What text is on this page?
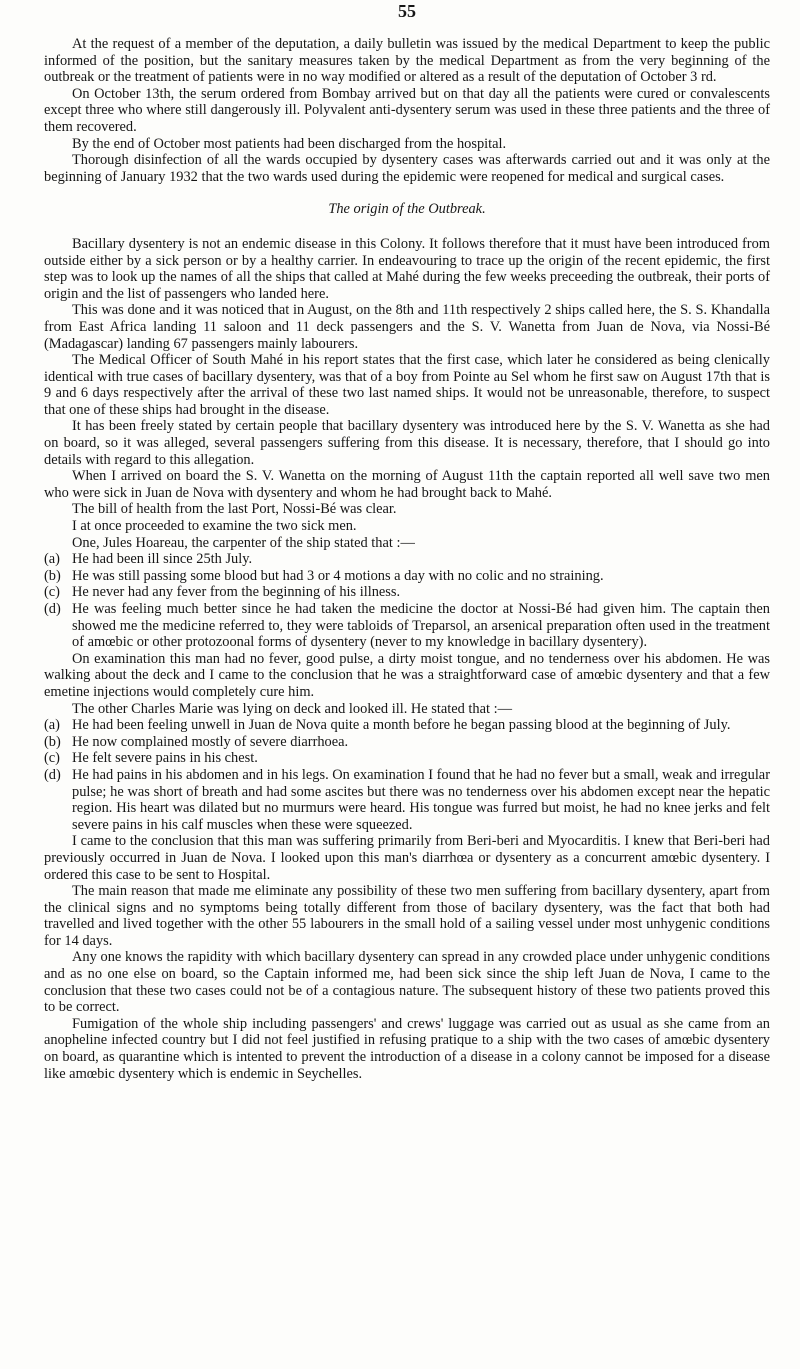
55

At the request of a member of the deputation, a daily bulletin was issued by the medical Department to keep the public informed of the position, but the sanitary measures taken by the medical Department as from the very beginning of the outbreak or the treatment of patients were in no way modified or altered as a result of the deputation of October 3 rd.

On October 13th, the serum ordered from Bombay arrived but on that day all the patients were cured or convalescents except three who where still dangerously ill. Polyvalent anti-dysentery serum was used in these three patients and the three of them recovered.

By the end of October most patients had been discharged from the hospital.

Thorough disinfection of all the wards occupied by dysentery cases was afterwards carried out and it was only at the beginning of January 1932 that the two wards used during the epidemic were reopened for medical and surgical cases.

The origin of the Outbreak.

Bacillary dysentery is not an endemic disease in this Colony. It follows therefore that it must have been introduced from outside either by a sick person or by a healthy carrier. In endeavouring to trace up the origin of the recent epidemic, the first step was to look up the names of all the ships that called at Mahé during the few weeks preceeding the outbreak, their ports of origin and the list of passengers who landed here.

This was done and it was noticed that in August, on the 8th and 11th respectively 2 ships called here, the S. S. Khandalla from East Africa landing 11 saloon and 11 deck passengers and the S. V. Wanetta from Juan de Nova, via Nossi-Bé (Madagascar) landing 67 passengers mainly labourers.

The Medical Officer of South Mahé in his report states that the first case, which later he considered as being clenically identical with true cases of bacillary dysentery, was that of a boy from Pointe au Sel whom he first saw on August 17th that is 9 and 6 days respectively after the arrival of these two last named ships. It would not be unreasonable, therefore, to suspect that one of these ships had brought in the disease.

It has been freely stated by certain people that bacillary dysentery was introduced here by the S. V. Wanetta as she had on board, so it was alleged, several passengers suffering from this disease. It is necessary, therefore, that I should go into details with regard to this allegation.

When I arrived on board the S. V. Wanetta on the morning of August 11th the captain reported all well save two men who were sick in Juan de Nova with dysentery and whom he had brought back to Mahé.

The bill of health from the last Port, Nossi-Bé was clear.

I at once proceeded to examine the two sick men.

One, Jules Hoareau, the carpenter of the ship stated that :—

(a) He had been ill since 25th July.

(b) He was still passing some blood but had 3 or 4 motions a day with no colic and no straining.

(c) He never had any fever from the beginning of his illness.

(d) He was feeling much better since he had taken the medicine the doctor at Nossi-Bé had given him. The captain then showed me the medicine referred to, they were tabloids of Treparsol, an arsenical preparation often used in the treatment of amœbic or other protozoonal forms of dysentery (never to my knowledge in bacillary dysentery).

On examination this man had no fever, good pulse, a dirty moist tongue, and no tenderness over his abdomen. He was walking about the deck and I came to the conclusion that he was a straightforward case of amœbic dysentery and that a few emetine injections would completely cure him.

The other Charles Marie was lying on deck and looked ill. He stated that :—

(a) He had been feeling unwell in Juan de Nova quite a month before he began passing blood at the beginning of July.

(b) He now complained mostly of severe diarrhoea.

(c) He felt severe pains in his chest.

(d) He had pains in his abdomen and in his legs. On examination I found that he had no fever but a small, weak and irregular pulse; he was short of breath and had some ascites but there was no tenderness over his abdomen except near the hepatic region. His heart was dilated but no murmurs were heard. His tongue was furred but moist, he had no knee jerks and felt severe pains in his calf muscles when these were squeezed.

I came to the conclusion that this man was suffering primarily from Beri-beri and Myocarditis. I knew that Beri-beri had previously occurred in Juan de Nova. I looked upon this man's diarrhœa or dysentery as a concurrent amœbic dysentery. I ordered this case to be sent to Hospital.

The main reason that made me eliminate any possibility of these two men suffering from bacillary dysentery, apart from the clinical signs and no symptoms being totally different from those of bacilary dysentery, was the fact that both had travelled and lived together with the other 55 labourers in the small hold of a sailing vessel under most unhygenic conditions for 14 days.

Any one knows the rapidity with which bacillary dysentery can spread in any crowded place under unhygenic conditions and as no one else on board, so the Captain informed me, had been sick since the ship left Juan de Nova, I came to the conclusion that these two cases could not be of a contagious nature. The subsequent history of these two patients proved this to be correct.

Fumigation of the whole ship including passengers' and crews' luggage was carried out as usual as she came from an anopheline infected country but I did not feel justified in refusing pratique to a ship with the two cases of amœbic dysentery on board, as quarantine which is intented to prevent the introduction of a disease in a colony cannot be imposed for a disease like amœbic dysentery which is endemic in Seychelles.
